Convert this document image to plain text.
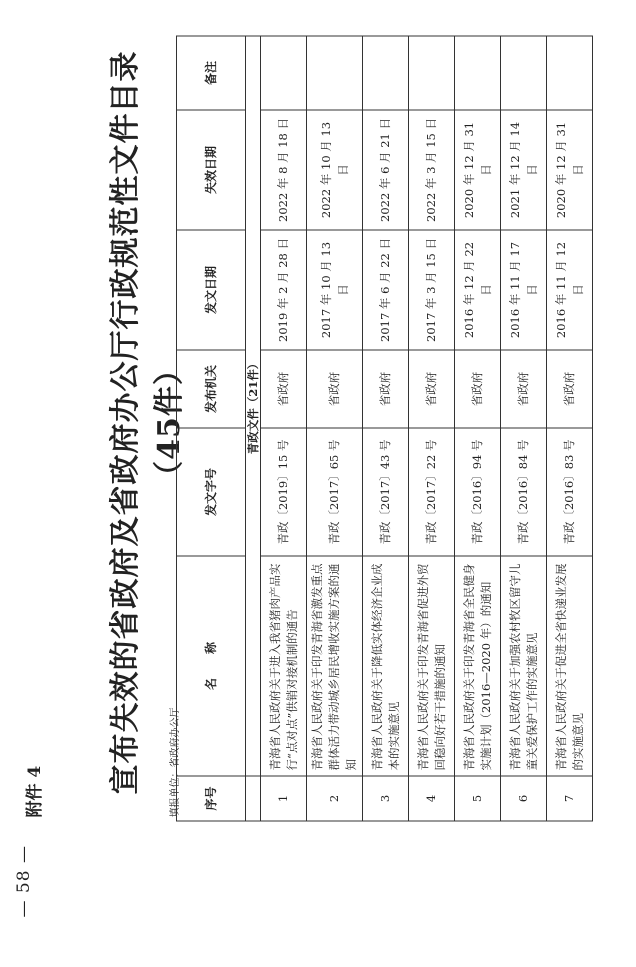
— 58 —
附件 4 宣布失效的省政府及省政府办公厅行政规范性文件目录（45件）
填报单位：省政府办公厅 序号	名　　称	发文字号	发布机关	发文日期	失效日期	备注
	青政文件（21件）					
1	青海省人民政府关于进入我省猪肉产品实行“点对点”供销对接机制的通告	青政〔2019〕15 号	省政府	2019 年 2 月 28 日	2022 年 8 月 18 日	
2	青海省人民政府关于印发青海省激发重点群体活力带动城乡居民增收实施方案的通知	青政〔2017〕65 号	省政府	2017 年 10 月 13 日	2022 年 10 月 13 日	
3	青海省人民政府关于降低实体经济企业成本的实施意见	青政〔2017〕43 号	省政府	2017 年 6 月 22 日	2022 年 6 月 21 日	
4	青海省人民政府关于印发青海省促进外贸回稳向好若干措施的通知	青政〔2017〕22 号	省政府	2017 年 3 月 15 日	2022 年 3 月 15 日	
5	青海省人民政府关于印发青海省全民健身实施计划（2016—2020 年）的通知	青政〔2016〕94 号	省政府	2016 年 12 月 22 日	2020 年 12 月 31 日	
6	青海省人民政府关于加强农村牧区留守儿童关爱保护工作的实施意见	青政〔2016〕84 号	省政府	2016 年 11 月 17 日	2021 年 12 月 14 日	
7	青海省人民政府关于促进全省快递业发展的实施意见	青政〔2016〕83 号	省政府	2016 年 11 月 12 日	2020 年 12 月 31 日	
